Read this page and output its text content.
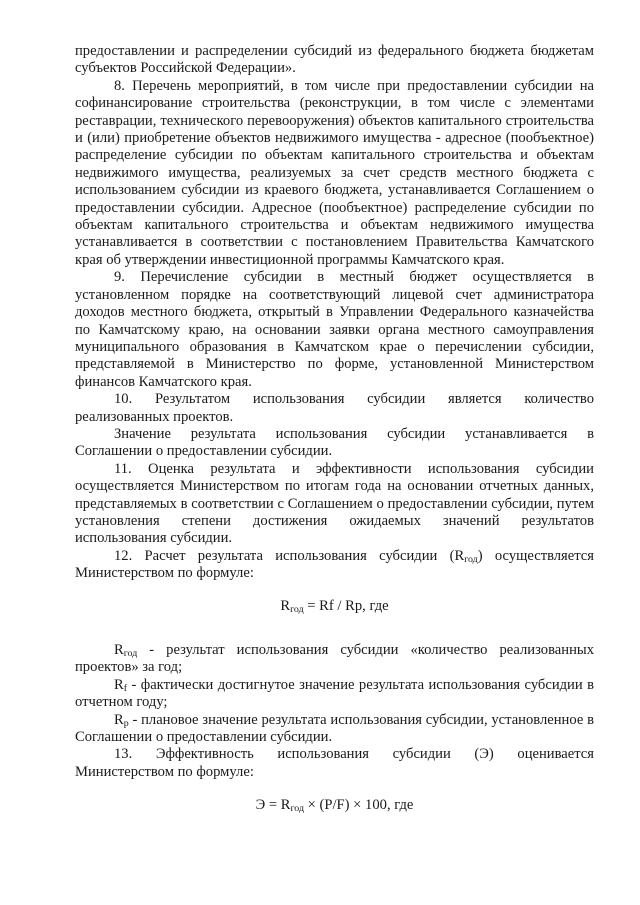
предоставлении и распределении субсидий из федерального бюджета бюджетам субъектов Российской Федерации».

8. Перечень мероприятий, в том числе при предоставлении субсидии на софинансирование строительства (реконструкции, в том числе с элементами реставрации, технического перевооружения) объектов капитального строительства и (или) приобретение объектов недвижимого имущества - адресное (пообъектное) распределение субсидии по объектам капитального строительства и объектам недвижимого имущества, реализуемых за счет средств местного бюджета с использованием субсидии из краевого бюджета, устанавливается Соглашением о предоставлении субсидии. Адресное (пообъектное) распределение субсидии по объектам капитального строительства и объектам недвижимого имущества устанавливается в соответствии с постановлением Правительства Камчатского края об утверждении инвестиционной программы Камчатского края.

9. Перечисление субсидии в местный бюджет осуществляется в установленном порядке на соответствующий лицевой счет администратора доходов местного бюджета, открытый в Управлении Федерального казначейства по Камчатскому краю, на основании заявки органа местного самоуправления муниципального образования в Камчатском крае о перечислении субсидии, представляемой в Министерство по форме, установленной Министерством финансов Камчатского края.

10. Результатом использования субсидии является количество реализованных проектов.

Значение результата использования субсидии устанавливается в Соглашении о предоставлении субсидии.

11. Оценка результата и эффективности использования субсидии осуществляется Министерством по итогам года на основании отчетных данных, представляемых в соответствии с Соглашением о предоставлении субсидии, путем установления степени достижения ожидаемых значений результатов использования субсидии.

12. Расчет результата использования субсидии $(R_{год})$ осуществляется Министерством по формуле:

$R_{год} = Rf / Rp$, где

$R_{год}$ - результат использования субсидии «количество реализованных проектов» за год;

$R_f$ - фактически достигнутое значение результата использования субсидии в отчетном году;

$R_p$ - плановое значение результата использования субсидии, установленное в Соглашении о предоставлении субсидии.

13. Эффективность использования субсидии (Э) оценивается Министерством по формуле:

$Э = R_{год} \times (P/F) \times 100$, где
